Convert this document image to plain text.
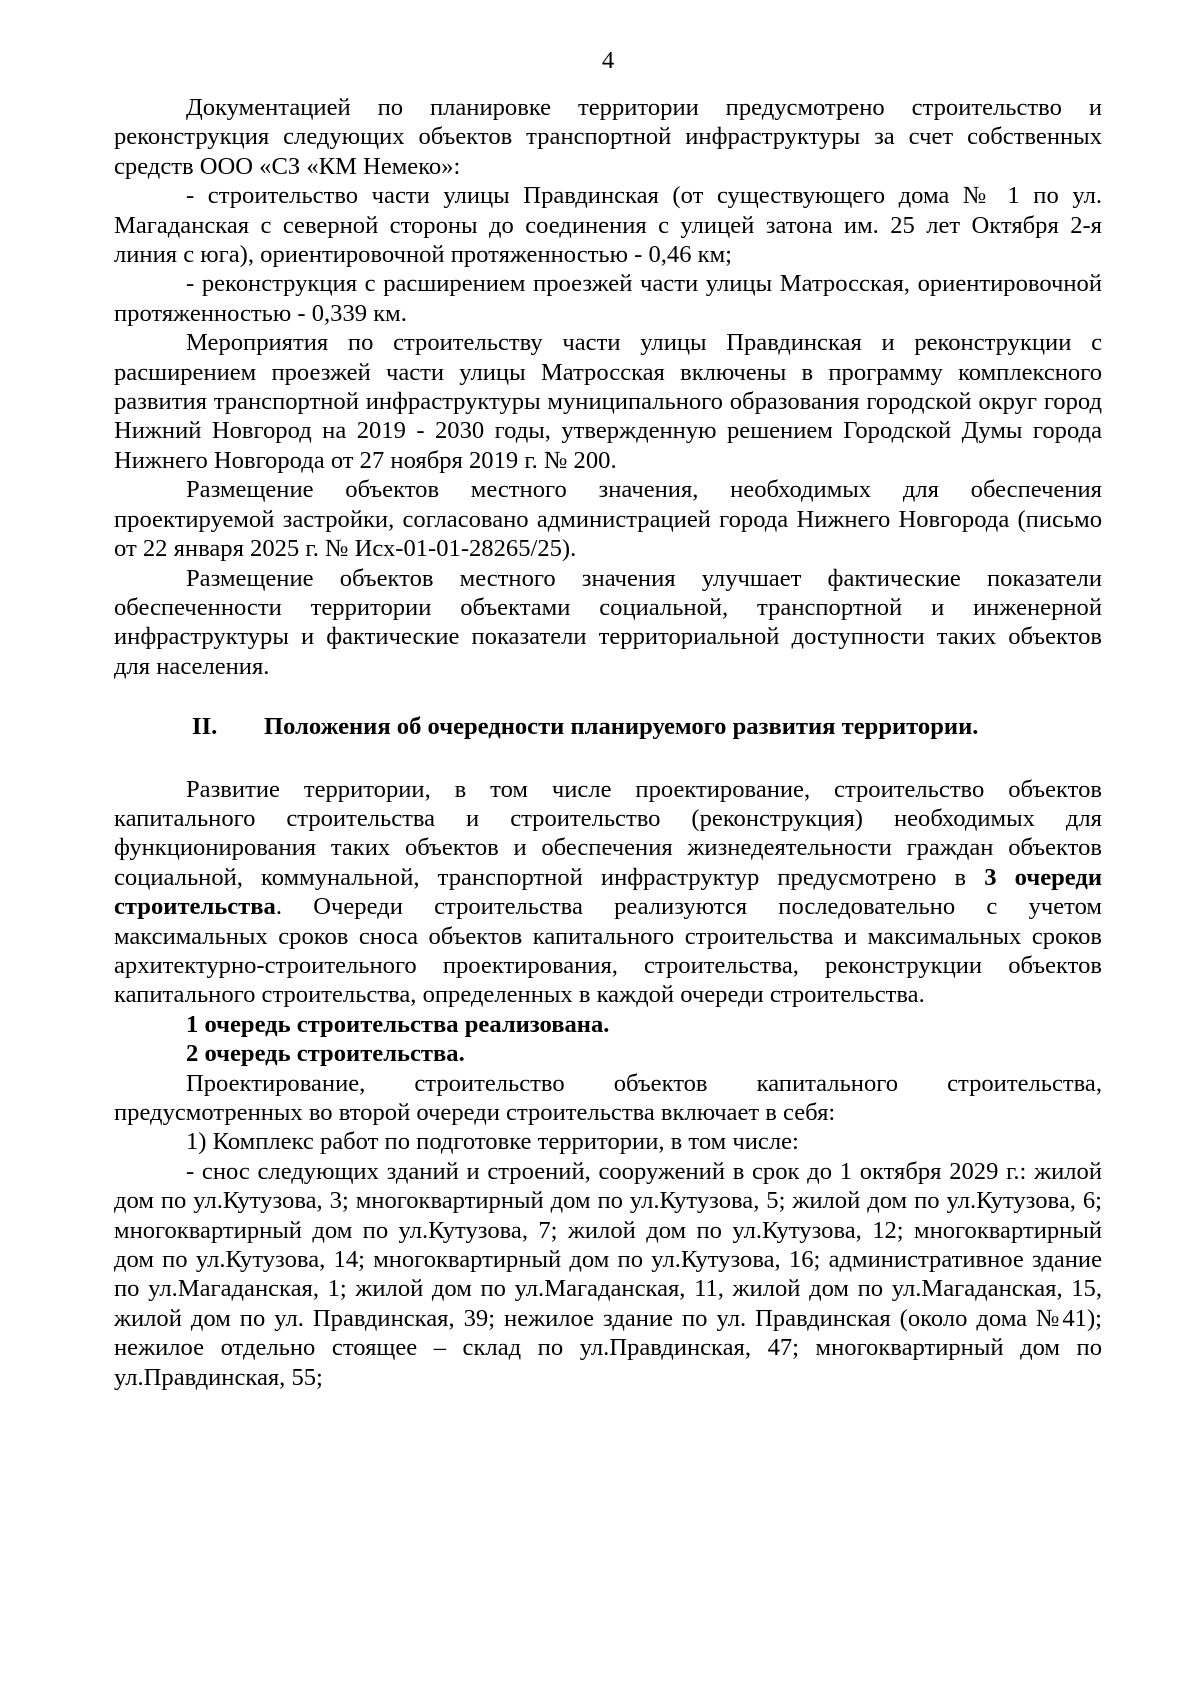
4

Документацией по планировке территории предусмотрено строительство и реконструкция следующих объектов транспортной инфраструктуры за счет собственных средств ООО «СЗ «КМ Немеко»:

- строительство части улицы Правдинская (от существующего дома № 1 по ул. Магаданская с северной стороны до соединения с улицей затона им. 25 лет Октября 2-я линия с юга), ориентировочной протяженностью - 0,46 км;

- реконструкция с расширением проезжей части улицы Матросская, ориентировочной протяженностью - 0,339 км.

Мероприятия по строительству части улицы Правдинская и реконструкции с расширением проезжей части улицы Матросская включены в программу комплексного развития транспортной инфраструктуры муниципального образования городской округ город Нижний Новгород на 2019 - 2030 годы, утвержденную решением Городской Думы города Нижнего Новгорода от 27 ноября 2019 г. № 200.

Размещение объектов местного значения, необходимых для обеспечения проектируемой застройки, согласовано администрацией города Нижнего Новгорода (письмо от 22 января 2025 г. № Исх-01-01-28265/25).

Размещение объектов местного значения улучшает фактические показатели обеспеченности территории объектами социальной, транспортной и инженерной инфраструктуры и фактические показатели территориальной доступности таких объектов для населения.

II.	Положения об очередности планируемого развития территории.

Развитие территории, в том числе проектирование, строительство объектов капитального строительства и строительство (реконструкция) необходимых для функционирования таких объектов и обеспечения жизнедеятельности граждан объектов социальной, коммунальной, транспортной инфраструктур предусмотрено в 3 очереди строительства. Очереди строительства реализуются последовательно с учетом максимальных сроков сноса объектов капитального строительства и максимальных сроков архитектурно-строительного проектирования, строительства, реконструкции объектов капитального строительства, определенных в каждой очереди строительства.

1 очередь строительства реализована.

2 очередь строительства.

Проектирование, строительство объектов капитального строительства, предусмотренных во второй очереди строительства включает в себя:

1) Комплекс работ по подготовке территории, в том числе:

- снос следующих зданий и строений, сооружений в срок до 1 октября 2029 г.: жилой дом по ул.Кутузова, 3; многоквартирный дом по ул.Кутузова, 5; жилой дом по ул.Кутузова, 6; многоквартирный дом по ул.Кутузова, 7; жилой дом по ул.Кутузова, 12; многоквартирный дом по ул.Кутузова, 14; многоквартирный дом по ул.Кутузова, 16; административное здание по ул.Магаданская, 1; жилой дом по ул.Магаданская, 11, жилой дом по ул.Магаданская, 15, жилой дом по ул. Правдинская, 39; нежилое здание по ул. Правдинская (около дома №41); нежилое отдельно стоящее – склад по ул.Правдинская, 47; многоквартирный дом по ул.Правдинская, 55;
